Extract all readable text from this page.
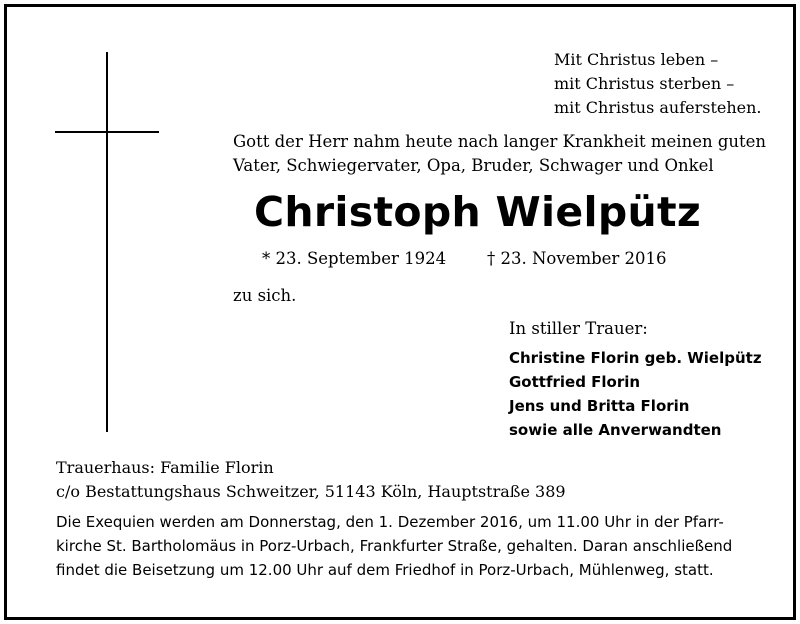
Mit Christus leben –
mit Christus sterben –
mit Christus auferstehen.
Gott der Herr nahm heute nach langer Krankheit meinen guten
Vater, Schwiegervater, Opa, Bruder, Schwager und Onkel
Christoph Wielpütz
* 23. September 1924 † 23. November 2016
zu sich.
In stiller Trauer:
Christine Florin geb. Wielpütz
Gottfried Florin
Jens und Britta Florin
sowie alle Anverwandten
Trauerhaus: Familie Florin
c/o Bestattungshaus Schweitzer, 51143 Köln, Hauptstraße 389

Die Exequien werden am Donnerstag, den 1. Dezember 2016, um 11.00 Uhr in der Pfarr-
kirche St. Bartholomäus in Porz-Urbach, Frankfurter Straße, gehalten. Daran anschließend
findet die Beisetzung um 12.00 Uhr auf dem Friedhof in Porz-Urbach, Mühlenweg, statt.
